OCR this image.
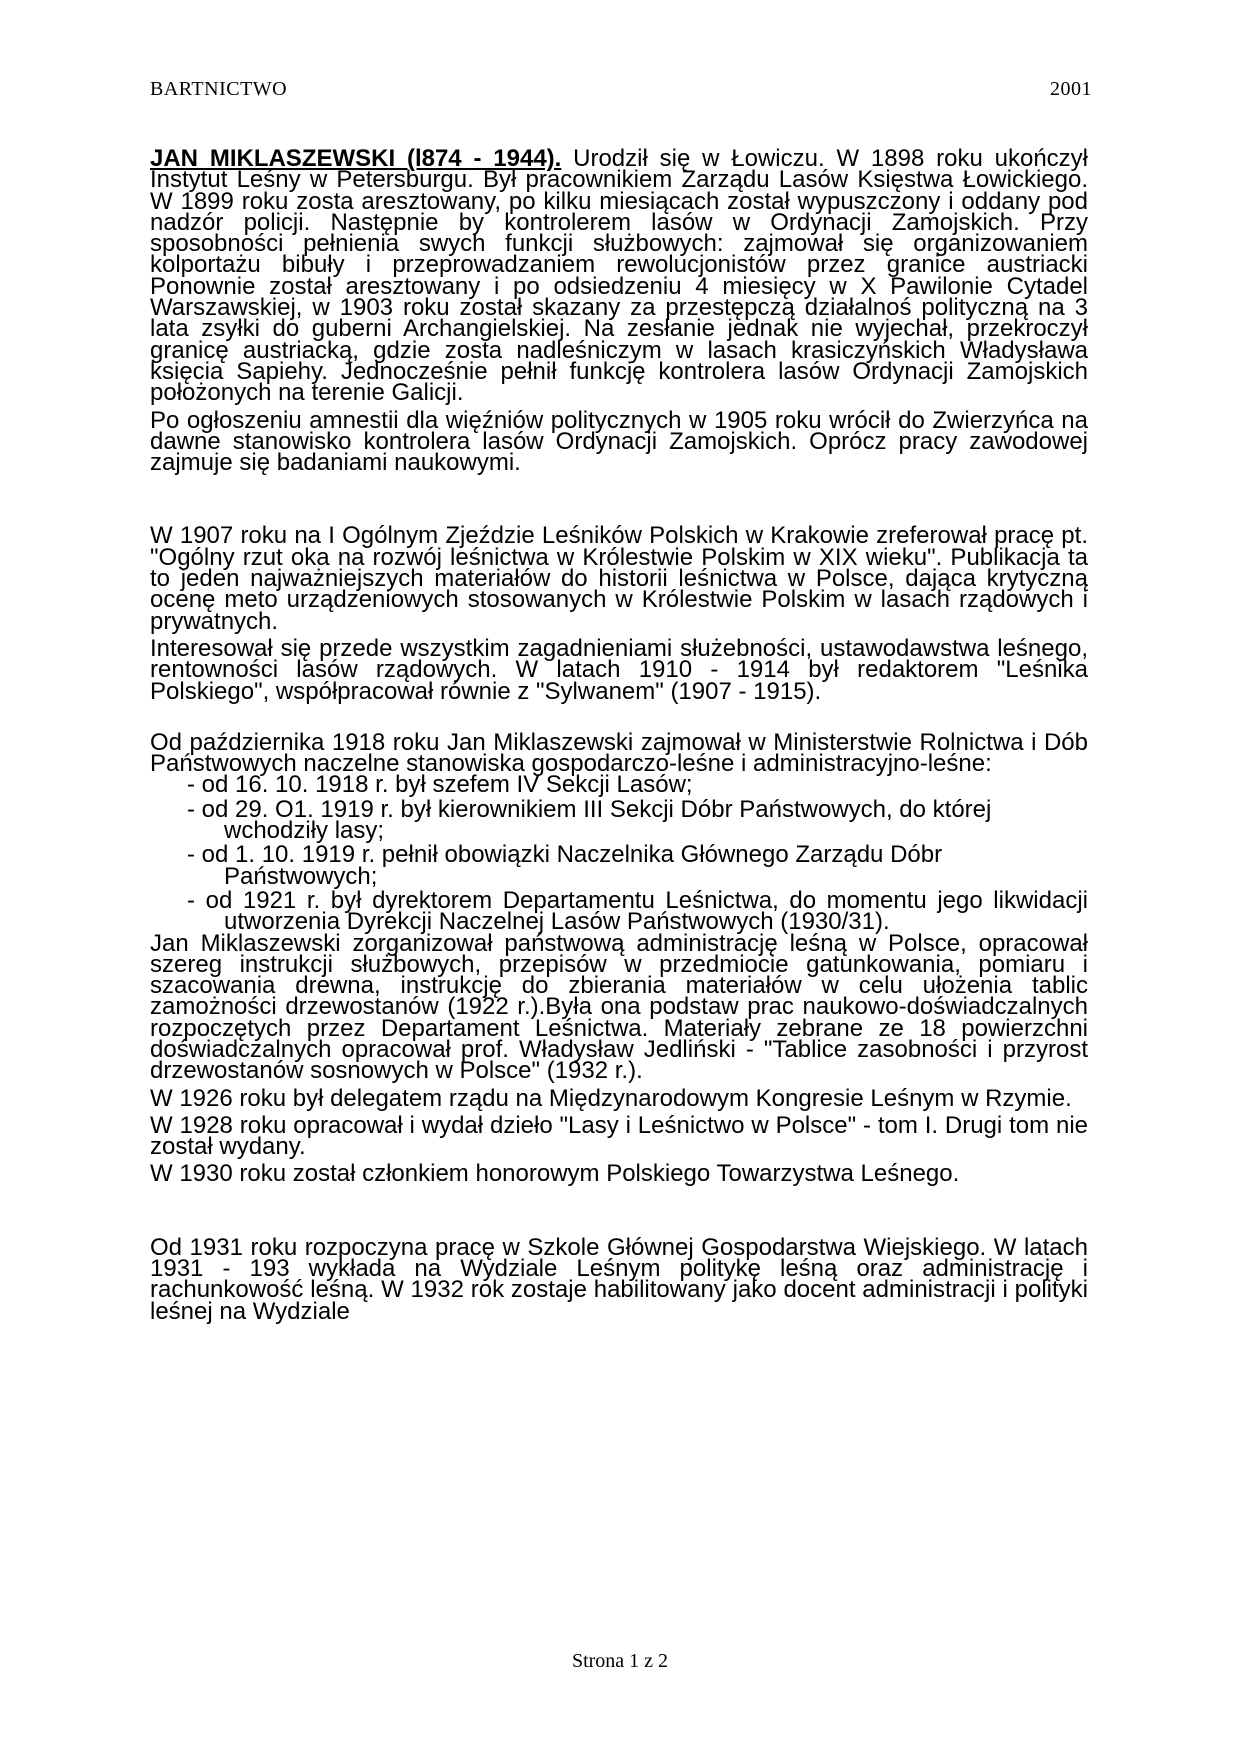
BARTNICTWO	2001

JAN MIKLASZEWSKI (l874 - 1944). Urodził się w Łowiczu. W 1898 roku ukończył Instytut Leśny w Petersburgu. Był pracownikiem Zarządu Lasów Księstwa Łowickiego. W 1899 roku zosta aresztowany, po kilku miesiącach został wypuszczony i oddany pod nadzór policji. Następnie by kontrolerem lasów w Ordynacji Zamojskich. Przy sposobności pełnienia swych funkcji służbowych: zajmował się organizowaniem kolportażu bibuły i przeprowadzaniem rewolucjonistów przez granice austriacki Ponownie został aresztowany i po odsiedzeniu 4 miesięcy w X Pawilonie Cytadel Warszawskiej, w 1903 roku został skazany za przestępczą działalnoś polityczną na 3 lata zsyłki do guberni Archangielskiej. Na zesłanie jednak nie wyjechał, przekroczył granicę austriacką, gdzie zosta nadleśniczym w lasach krasiczyńskich Władysława księcia Sapiehy. Jednocześnie pełnił funkcję kontrolera lasów Ordynacji Zamojskich położonych na terenie Galicji.

Po ogłoszeniu amnestii dla więźniów politycznych w 1905 roku wrócił do Zwierzyńca na dawne stanowisko kontrolera lasów Ordynacji Zamojskich. Oprócz pracy zawodowej zajmuje się badaniami naukowymi.

W 1907 roku na I Ogólnym Zjeździe Leśników Polskich w Krakowie zreferował pracę pt. "Ogólny rzut oka na rozwój leśnictwa w Królestwie Polskim w XIX wieku". Publikacja ta to jeden najważniejszych materiałów do historii leśnictwa w Polsce, dająca krytyczną ocenę meto urządzeniowych stosowanych w Królestwie Polskim w lasach rządowych i prywatnych.

Interesował się przede wszystkim zagadnieniami służebności, ustawodawstwa leśnego, rentowności lasów rządowych. W latach 1910 - 1914 był redaktorem "Leśnika Polskiego", współpracował równie z "Sylwanem" (1907 - 1915).

Od października 1918 roku Jan Miklaszewski zajmował w Ministerstwie Rolnictwa i Dób Państwowych naczelne stanowiska gospodarczo-leśne i administracyjno-leśne:

- od 16. 10. 1918 r. był szefem IV Sekcji Lasów;
- od 29. O1. 1919 r. był kierownikiem III Sekcji Dóbr Państwowych, do której wchodziły lasy;
- od 1. 10. 1919 r. pełnił obowiązki Naczelnika Głównego Zarządu Dóbr Państwowych;
- od 1921 r. był dyrektorem Departamentu Leśnictwa, do momentu jego likwidacji utworzenia Dyrekcji Naczelnej Lasów Państwowych (1930/31).

Jan Miklaszewski zorganizował państwową administrację leśną w Polsce, opracował szereg instrukcji służbowych, przepisów w przedmiocie gatunkowania, pomiaru i szacowania drewna, instrukcję do zbierania materiałów w celu ułożenia tablic zamożności drzewostanów (1922 r.).Była ona podstaw prac naukowo-doświadczalnych rozpoczętych przez Departament Leśnictwa. Materiały zebrane ze 18 powierzchni doświadczalnych opracował prof. Władysław Jedliński - "Tablice zasobności i przyrost drzewostanów sosnowych w Polsce" (1932 r.).

W 1926 roku był delegatem rządu na Międzynarodowym Kongresie Leśnym w Rzymie.

W 1928 roku opracował i wydał dzieło "Lasy i Leśnictwo w Polsce" - tom I. Drugi tom nie został wydany.

W 1930 roku został członkiem honorowym Polskiego Towarzystwa Leśnego.

Od 1931 roku rozpoczyna pracę w Szkole Głównej Gospodarstwa Wiejskiego. W latach 1931 - 193 wykłada na Wydziale Leśnym politykę leśną oraz administrację i rachunkowość leśną. W 1932 rok zostaje habilitowany jako docent administracji i polityki leśnej na Wydziale

Strona 1 z 2
